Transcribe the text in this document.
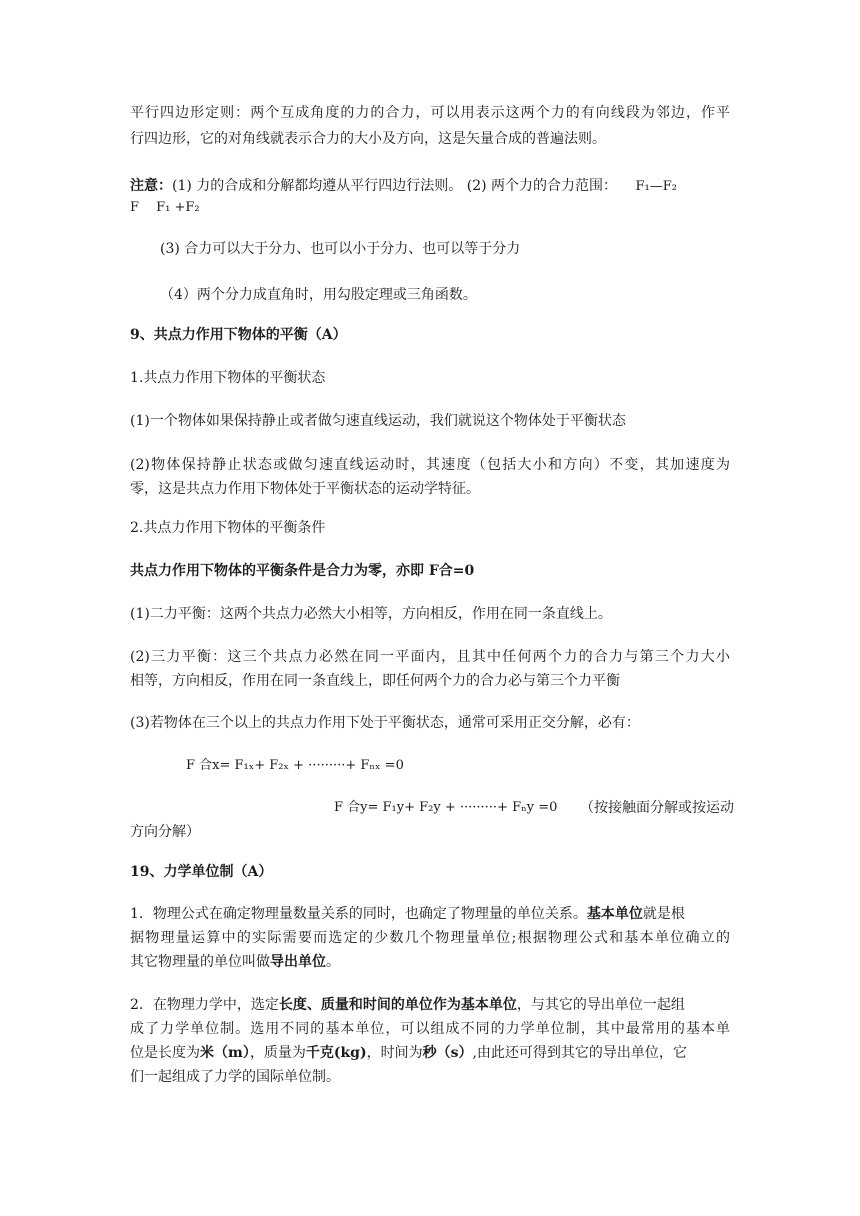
平行四边形定则：两个互成角度的力的合力，可以用表示这两个力的有向线段为邻边，作平
行四边形，它的对角线就表示合力的大小及方向，这是矢量合成的普遍法则。
注意：(1) 力的合成和分解都均遵从平行四边行法则。 (2) 两个力的合力范围： F₁—F₂
F　 F₁ +F₂
(3) 合力可以大于分力、也可以小于分力、也可以等于分力
（4）两个分力成直角时，用勾股定理或三角函数。
9、共点力作用下物体的平衡（A）
1.共点力作用下物体的平衡状态
(1)一个物体如果保持静止或者做匀速直线运动，我们就说这个物体处于平衡状态
(2)物体保持静止状态或做匀速直线运动时，其速度（包括大小和方向）不变，其加速度为
零，这是共点力作用下物体处于平衡状态的运动学特征。
2.共点力作用下物体的平衡条件
共点力作用下物体的平衡条件是合力为零，亦即 F合=0
(1)二力平衡：这两个共点力必然大小相等，方向相反，作用在同一条直线上。
(2)三力平衡：这三个共点力必然在同一平面内，且其中任何两个力的合力与第三个力大小
相等，方向相反，作用在同一条直线上，即任何两个力的合力必与第三个力平衡
(3)若物体在三个以上的共点力作用下处于平衡状态，通常可采用正交分解，必有：
F 合x= F₁ₓ+ F₂ₓ + ·········+ Fₙₓ =0
F 合y= F₁y+ F₂y + ·········+ Fₙy =0	（按接触面分解或按运动
方向分解）
19、力学单位制（A）
1．物理公式在确定物理量数量关系的同时，也确定了物理量的单位关系。基本单位就是根
据物理量运算中的实际需要而选定的少数几个物理量单位;根据物理公式和基本单位确立的
其它物理量的单位叫做导出单位。
2．在物理力学中，选定长度、质量和时间的单位作为基本单位，与其它的导出单位一起组
成了力学单位制。选用不同的基本单位，可以组成不同的力学单位制，其中最常用的基本单
位是长度为米（m），质量为千克(kg)，时间为秒（s）,由此还可得到其它的导出单位，它
们一起组成了力学的国际单位制。
